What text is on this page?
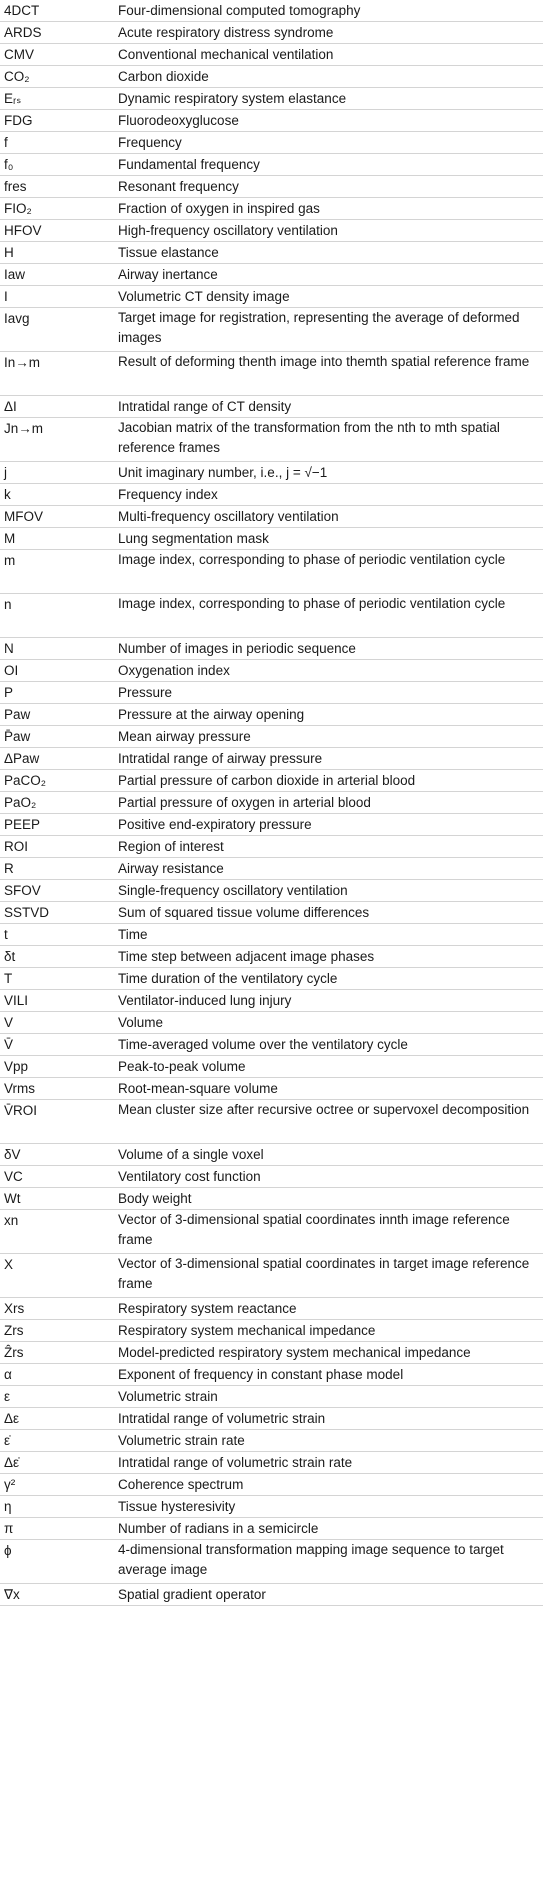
4DCT	Four-dimensional computed tomography
ARDS	Acute respiratory distress syndrome
CMV	Conventional mechanical ventilation
CO₂	Carbon dioxide
Eᵣₛ	Dynamic respiratory system elastance
FDG	Fluorodeoxyglucose
f	Frequency
f₀	Fundamental frequency
fres	Resonant frequency
FIO₂	Fraction of oxygen in inspired gas
HFOV	High-frequency oscillatory ventilation
H	Tissue elastance
Iaw	Airway inertance
I	Volumetric CT density image
Iavg	Target image for registration, representing the average of deformed images
In→m	Result of deforming thenth image into themth spatial reference frame
ΔI	Intratidal range of CT density
Jn→m	Jacobian matrix of the transformation from the nth to mth spatial reference frames
j	Unit imaginary number, i.e., j = √−1
k	Frequency index
MFOV	Multi-frequency oscillatory ventilation
M	Lung segmentation mask
m	Image index, corresponding to phase of periodic ventilation cycle
n	Image index, corresponding to phase of periodic ventilation cycle
N	Number of images in periodic sequence
OI	Oxygenation index
P	Pressure
Paw	Pressure at the airway opening
P̄aw	Mean airway pressure
ΔPaw	Intratidal range of airway pressure
PaCO₂	Partial pressure of carbon dioxide in arterial blood
PaO₂	Partial pressure of oxygen in arterial blood
PEEP	Positive end-expiratory pressure
ROI	Region of interest
R	Airway resistance
SFOV	Single-frequency oscillatory ventilation
SSTVD	Sum of squared tissue volume differences
t	Time
δt	Time step between adjacent image phases
T	Time duration of the ventilatory cycle
VILI	Ventilator-induced lung injury
V	Volume
V̄	Time-averaged volume over the ventilatory cycle
Vpp	Peak-to-peak volume
Vrms	Root-mean-square volume
V̄ROI	Mean cluster size after recursive octree or supervoxel decomposition
δV	Volume of a single voxel
VC	Ventilatory cost function
Wt	Body weight
xn	Vector of 3-dimensional spatial coordinates innth image reference frame
X	Vector of 3-dimensional spatial coordinates in target image reference frame
Xrs	Respiratory system reactance
Zrs	Respiratory system mechanical impedance
Ẑrs	Model-predicted respiratory system mechanical impedance
α	Exponent of frequency in constant phase model
ε	Volumetric strain
Δε	Intratidal range of volumetric strain
ε̇	Volumetric strain rate
Δε̇	Intratidal range of volumetric strain rate
γ²	Coherence spectrum
η	Tissue hysteresivity
π	Number of radians in a semicircle
ϕ	4-dimensional transformation mapping image sequence to target average image
∇x	Spatial gradient operator
